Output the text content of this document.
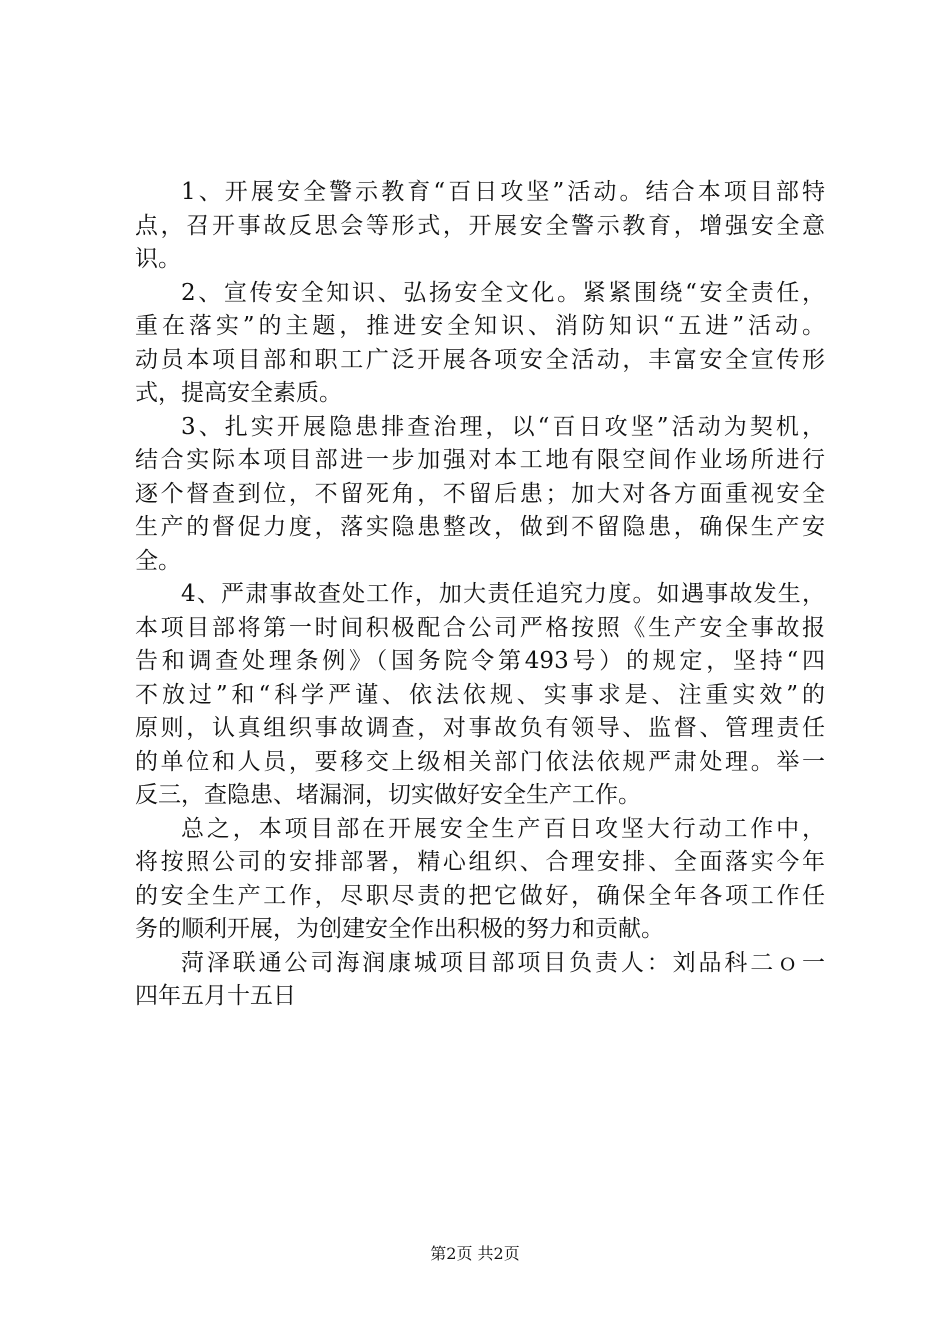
1、开展安全警示教育“百日攻坚”活动。结合本项目部特
点，召开事故反思会等形式，开展安全警示教育，增强安全意
识。
2、宣传安全知识、弘扬安全文化。紧紧围绕“安全责任，
重在落实”的主题，推进安全知识、消防知识“五进”活动。
动员本项目部和职工广泛开展各项安全活动，丰富安全宣传形
式，提高安全素质。
3、扎实开展隐患排查治理，以“百日攻坚”活动为契机，
结合实际本项目部进一步加强对本工地有限空间作业场所进行
逐个督查到位，不留死角，不留后患；加大对各方面重视安全
生产的督促力度，落实隐患整改，做到不留隐患，确保生产安
全。
4、严肃事故查处工作，加大责任追究力度。如遇事故发生，
本项目部将第一时间积极配合公司严格按照《生产安全事故报
告和调查处理条例》（国务院令第493号）的规定，坚持“四
不放过”和“科学严谨、依法依规、实事求是、注重实效”的
原则，认真组织事故调查，对事故负有领导、监督、管理责任
的单位和人员，要移交上级相关部门依法依规严肃处理。举一
反三，查隐患、堵漏洞，切实做好安全生产工作。
总之，本项目部在开展安全生产百日攻坚大行动工作中，
将按照公司的安排部署，精心组织、合理安排、全面落实今年
的安全生产工作，尽职尽责的把它做好，确保全年各项工作任
务的顺利开展，为创建安全作出积极的努力和贡献。
菏泽联通公司海润康城项目部项目负责人：刘品科二ｏ一
四年五月十五日
第2页 共2页
